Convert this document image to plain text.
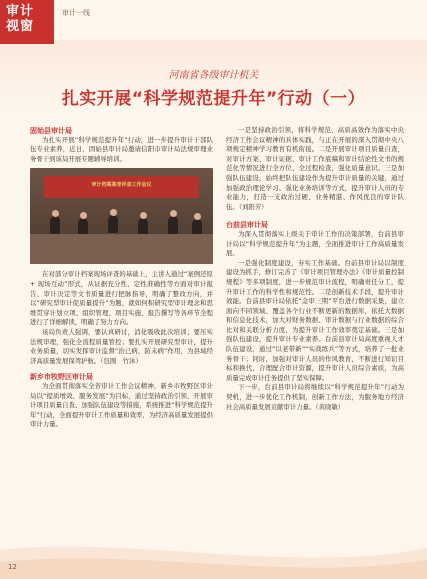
审计
视窗
审计一线
河南省各级审计机关
扎实开展“科学规范提升年”行动（一）

固始县审计局

为扎实开展“科学规范提升年”行动，进一步提升审计干部队伍专业素养，近日，固始县审计局邀请信阳市审计局法规审理业务骨干到该局开展专题辅导培训。

审计档案案卷评查工作会议

在对部分审计档案现场评查的基础上，主讲人通过“案例还原 + 现场互动”形式，从证据充分性、定性准确性等方面对审计报告、审计决定等文书质量进行把脉指导，明确了整改方向，并以“研究型审计促质量提升”为题，就如何积研究型审计理念和思维贯穿计划立项、组织管理、项目实施、报告撰写等各环节全程进行了详细解读，明确了努力方向。

该局负责人强调，要认真研讨，消化吸收此次培训；要压实法规审理，强化全流程质量管控；要扎实开展研究型审计，提升业务质量，切实发挥审计监督“治已病、防未病”作用，为县域经济高质量发展保驾护航。（包刚　竹沐）

新乡市牧野区审计局

为全面贯彻落实全省审计工作会议精神，新乡市牧野区审计局以“提质增效、服务发展”为目标，通过坚持政治引领、开展审计项目质量自查、加强队伍建设等措施，系统推进“科学规范提升年”行动，全面提升审计工作质量和效率，为经济高质量发展提供审计力量。

一是坚持政治引领，将科学规范、高质高效作为落实中央经济工作会议精神的具体实践，与正在开展的深入贯彻中央八项规定精神学习教育有机衔接。二是开展审计项目质量自查，对审计方案、审计证据、审计工作底稿和审计结论性文书的规范化等情况进行全方位、全过程检查，强化质量意识。三是加强队伍建设，始终把队伍建设作为提升审计质量的关键，通过加强政治理论学习、强化业务培训等方式，提升审计人员的专业能力，打造一支政治过硬、业务精湛、作风优良的审计队伍。（刘阳芳）

台前县审计局

为深入贯彻落实上级关于审计工作的决策部署，台前县审计局以“科学规范提升年”为主题，全面推进审计工作高质量发展。

一是强化制度建设，夯实工作基础。台前县审计局以制度建设为抓手，修订完善了《审计项目管理办法》《审计质量控制规程》等多项制度，进一步规范审计流程，明确责任分工，提升审计工作的科学性和规范性。二是创新技术手段，提升审计效能。台前县审计局依托“金审三期”平台进行数据采集，建立面向不同领域、覆盖各个行业不断更新的数据库，依托大数据和信息化技术，加大对财务数据、审计数据与行业数据的综合比对和关联分析力度，为提升审计工作效率奠定基础。三是加强队伍建设，提升审计专业素养。台前县审计局高度重视人才队伍建设，通过“以老带新”“实战练兵”等方式，培养了一批业务骨干；同时，加强对审计人员的作风教育，不断进行知识目标和换代，合理配合审计资源，提升审计人员综合素质，为高质量完成审计任务提供了坚实保障。

下一步，台前县审计局将继续以“科学规范提升年”行动为契机，进一步优化工作机制，创新工作方法，为服务地方经济社会高质量发展贡献审计力量。（黄晓敏）

12
